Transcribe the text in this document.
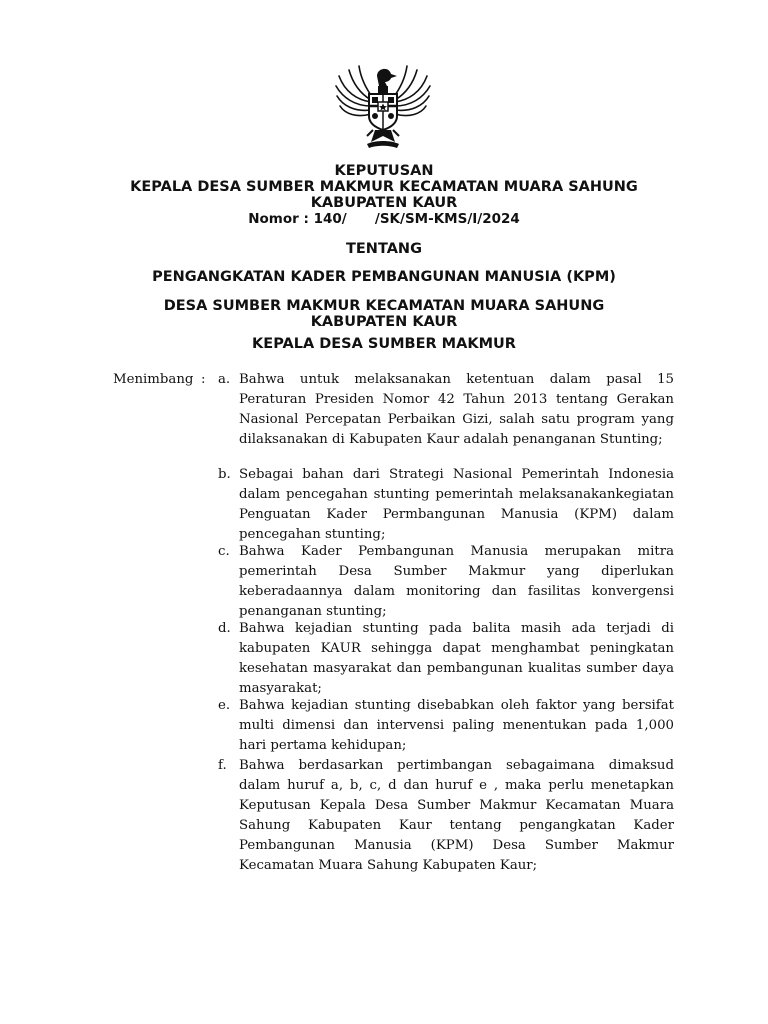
KEPUTUSAN

KEPALA DESA SUMBER MAKMUR KECAMATAN MUARA SAHUNG

KABUPATEN KAUR

Nomor : 140/      /SK/SM-KMS/I/2024

TENTANG

PENGANGKATAN KADER PEMBANGUNAN MANUSIA (KPM)

DESA SUMBER MAKMUR KECAMATAN MUARA SAHUNG

KABUPATEN KAUR

KEPALA DESA SUMBER MAKMUR

Menimbang : a. Bahwa untuk melaksanakan ketentuan dalam pasal 15 Peraturan Presiden Nomor 42 Tahun 2013 tentang Gerakan Nasional Percepatan Perbaikan Gizi, salah satu program yang dilaksanakan di Kabupaten Kaur adalah penanganan Stunting;
b. Sebagai bahan dari Strategi Nasional Pemerintah Indonesia dalam pencegahan stunting pemerintah melaksanakankegiatan Penguatan Kader Permbangunan Manusia (KPM) dalam pencegahan stunting;
c. Bahwa Kader Pembangunan Manusia merupakan mitra pemerintah Desa Sumber Makmur yang diperlukan keberadaannya dalam monitoring dan fasilitas konvergensi penanganan stunting;
d. Bahwa kejadian stunting pada balita masih ada terjadi di kabupaten KAUR sehingga dapat menghambat peningkatan kesehatan masyarakat dan pembangunan kualitas sumber daya masyarakat;
e. Bahwa kejadian stunting disebabkan oleh faktor yang bersifat multi dimensi dan intervensi paling menentukan pada 1,000 hari pertama kehidupan;
f. Bahwa berdasarkan pertimbangan sebagaimana dimaksud dalam huruf a, b, c, d dan huruf e , maka perlu menetapkan Keputusan Kepala Desa Sumber Makmur Kecamatan Muara Sahung Kabupaten Kaur tentang pengangkatan Kader Pembangunan Manusia (KPM) Desa Sumber Makmur Kecamatan Muara Sahung Kabupaten Kaur;
